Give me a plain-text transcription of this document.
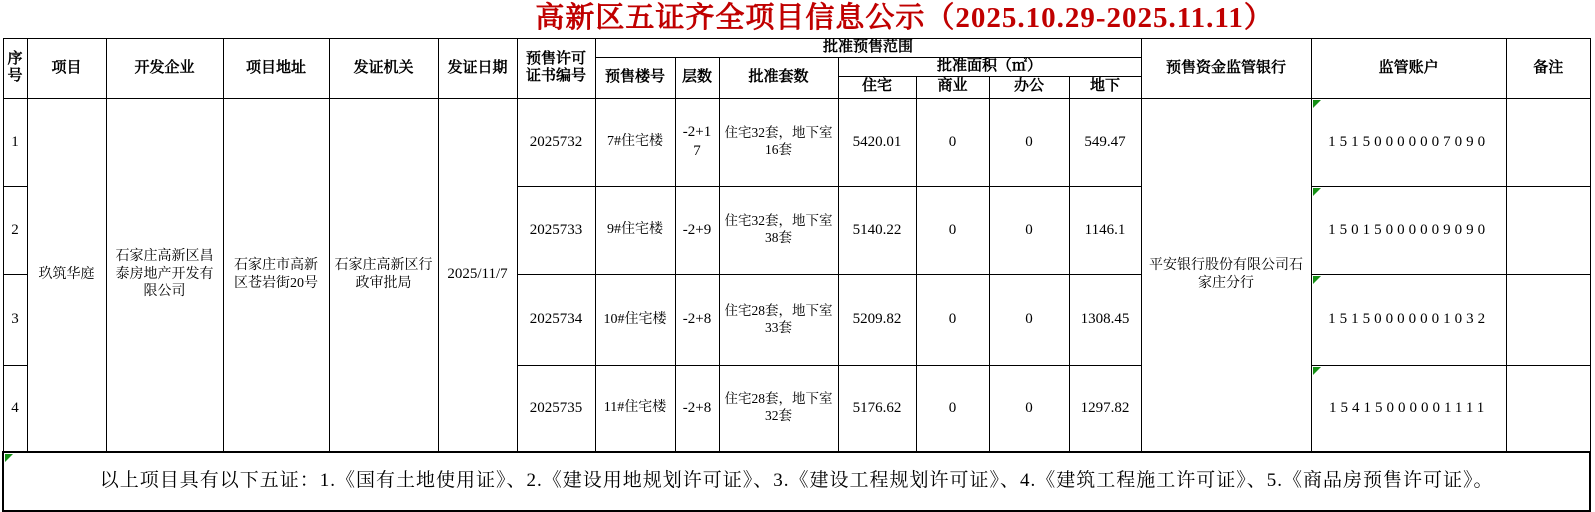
高新区五证齐全项目信息公示（2025.10.29-2025.11.11）																
序号	项目	开发企业	项目地址	发证机关	发证日期	预售许可证书编号	批准预售范围							预售资金监管银行	监管账户	备注
							预售楼号	层数	批准套数	批准面积（㎡）						
										住宅	商业	办公	地下			
1	玖筑华庭	石家庄高新区昌泰房地产开发有限公司	石家庄市高新区苍岩街20号	石家庄高新区行政审批局	2025/11/7	2025732	7#住宅楼	-2+17	住宅32套，地下室16套	5420.01	0	0	549.47	平安银行股份有限公司石家庄分行	15150000007090	
2						2025733	9#住宅楼	-2+9	住宅32套，地下室38套	5140.22	0	0	1146.1		15015000009090	
3						2025734	10#住宅楼	-2+8	住宅28套，地下室33套	5209.82	0	0	1308.45		15150000001032	
4						2025735	11#住宅楼	-2+8	住宅28套，地下室32套	5176.62	0	0	1297.82		15415000001111	

以上项目具有以下五证：1.《国有土地使用证》、2.《建设用地规划许可证》、3.《建设工程规划许可证》、4.《建筑工程施工许可证》、5.《商品房预售许可证》。																
